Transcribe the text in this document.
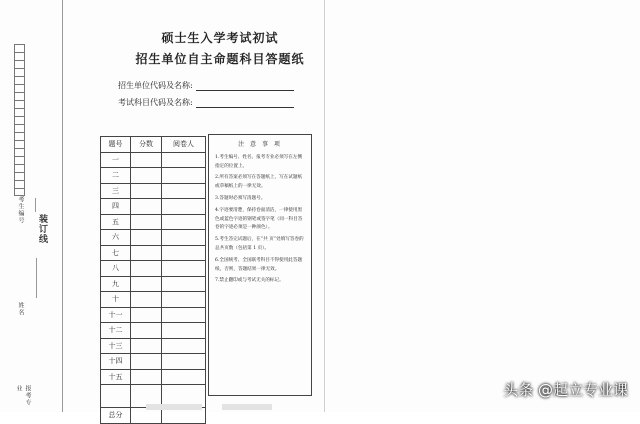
考生编号
装订线
姓名
报考专业
硕士生入学考试初试
招生单位自主命题科目答题纸
招生单位代码及名称:
考试科目代码及名称:
题号	分数	阅卷人
一		
二		
三		
四		
五		
六		
七		
八		
九		
十		
十一		
十二		
十三		
十四		
十五		

总分		
注 意 事 项

1.考生编号、姓名、报考专业必须写在左侧指定的位置上。

2.所有答案必须写在答题纸上，写在试题纸或草稿纸上的一律无效。

3.答题时必须写清题号。

4.字迹要清楚，保持卷面清洁，一律使用黑色或蓝色字迹的钢笔或签字笔（同一科目答卷的字迹必须是一种颜色）。

5.考生答完试题后，在“共 页”处填写答卷的总共页数（包括第 1 页）。

6.全国统考、全国联考科目不得使用此答题纸，否则，答题结果一律无效。

7.禁止翻印或与考试无关的标记。

头条 @起立专业课
